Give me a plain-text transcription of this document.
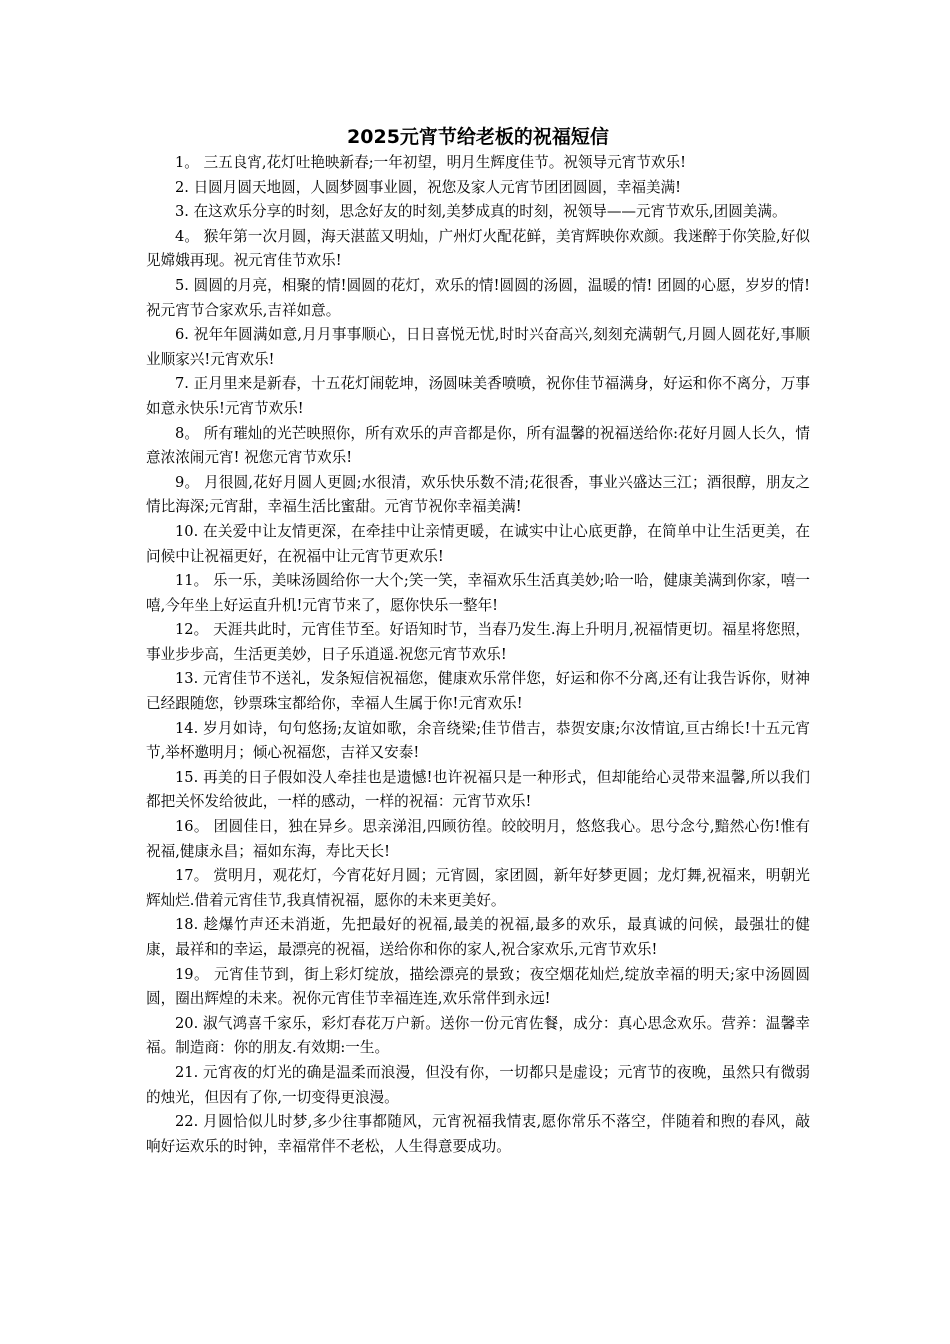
2025元宵节给老板的祝福短信

1。 三五良宵,花灯吐艳映新春;一年初望，明月生辉度佳节。祝领导元宵节欢乐!

2. 日圆月圆天地圆，人圆梦圆事业圆，祝您及家人元宵节团团圆圆，幸福美满!

3. 在这欢乐分享的时刻，思念好友的时刻,美梦成真的时刻，祝领导——元宵节欢乐,团圆美满。

4。 猴年第一次月圆，海天湛蓝又明灿，广州灯火配花鲜，美宵辉映你欢颜。我迷醉于你笑脸,好似见嫦娥再现。祝元宵佳节欢乐!

5. 圆圆的月亮，相聚的情!圆圆的花灯，欢乐的情!圆圆的汤圆，温暖的情! 团圆的心愿，岁岁的情!祝元宵节合家欢乐,吉祥如意。

6. 祝年年圆满如意,月月事事顺心，日日喜悦无忧,时时兴奋高兴,刻刻充满朝气,月圆人圆花好,事顺业顺家兴!元宵欢乐!

7. 正月里来是新春，十五花灯闹乾坤，汤圆味美香喷喷，祝你佳节福满身，好运和你不离分，万事如意永快乐!元宵节欢乐!

8。 所有璀灿的光芒映照你，所有欢乐的声音都是你，所有温馨的祝福送给你:花好月圆人长久，情意浓浓闹元宵! 祝您元宵节欢乐!

9。 月很圆,花好月圆人更圆;水很清，欢乐快乐数不清;花很香，事业兴盛达三江；酒很醇，朋友之情比海深;元宵甜，幸福生活比蜜甜。元宵节祝你幸福美满!

10. 在关爱中让友情更深，在牵挂中让亲情更暖，在诚实中让心底更静，在简单中让生活更美，在问候中让祝福更好，在祝福中让元宵节更欢乐!

11。 乐一乐，美味汤圆给你一大个;笑一笑，幸福欢乐生活真美妙;哈一哈，健康美满到你家，嘻一嘻,今年坐上好运直升机!元宵节来了，愿你快乐一整年!

12。 天涯共此时，元宵佳节至。好语知时节，当春乃发生.海上升明月,祝福情更切。福星将您照，事业步步高，生活更美妙，日子乐逍遥.祝您元宵节欢乐!

13. 元宵佳节不送礼，发条短信祝福您，健康欢乐常伴您，好运和你不分离,还有让我告诉你，财神已经跟随您，钞票珠宝都给你，幸福人生属于你!元宵欢乐!

14. 岁月如诗，句句悠扬;友谊如歌，余音绕梁;佳节借吉，恭贺安康;尔汝情谊,亘古绵长!十五元宵节,举杯邀明月；倾心祝福您，吉祥又安泰!

15. 再美的日子假如没人牵挂也是遗憾!也许祝福只是一种形式，但却能给心灵带来温馨,所以我们都把关怀发给彼此，一样的感动，一样的祝福：元宵节欢乐!

16。 团圆佳日，独在异乡。思亲涕泪,四顾彷徨。皎皎明月，悠悠我心。思兮念兮,黯然心伤!惟有祝福,健康永昌；福如东海，寿比天长!

17。 赏明月，观花灯，今宵花好月圆；元宵圆，家团圆，新年好梦更圆；龙灯舞,祝福来，明朝光辉灿烂.借着元宵佳节,我真情祝福，愿你的未来更美好。

18. 趁爆竹声还未消逝，先把最好的祝福,最美的祝福,最多的欢乐，最真诚的问候，最强壮的健康，最祥和的幸运，最漂亮的祝福，送给你和你的家人,祝合家欢乐,元宵节欢乐!

19。 元宵佳节到，街上彩灯绽放，描绘漂亮的景致；夜空烟花灿烂,绽放幸福的明天;家中汤圆圆圆，圈出辉煌的未来。祝你元宵佳节幸福连连,欢乐常伴到永远!

20. 淑气鸿喜千家乐，彩灯春花万户新。送你一份元宵佐餐，成分：真心思念欢乐。营养：温馨幸福。制造商：你的朋友.有效期:一生。

21. 元宵夜的灯光的确是温柔而浪漫，但没有你，一切都只是虚设；元宵节的夜晚，虽然只有微弱的烛光，但因有了你,一切变得更浪漫。

22. 月圆恰似儿时梦,多少往事都随风，元宵祝福我情衷,愿你常乐不落空，伴随着和煦的春风，敲响好运欢乐的时钟，幸福常伴不老松，人生得意要成功。
